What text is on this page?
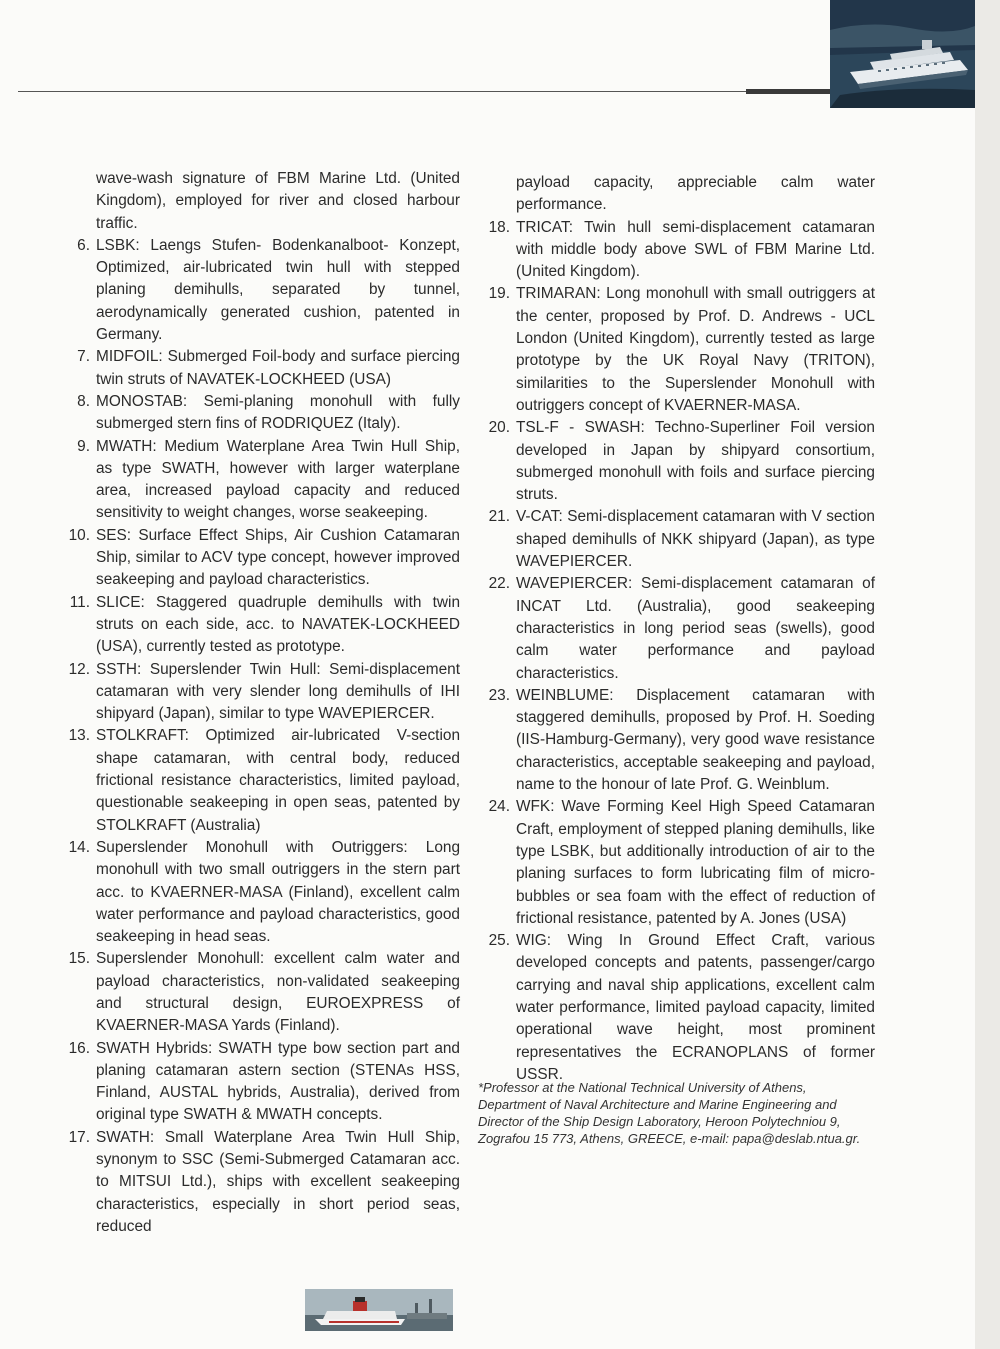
wave-wash signature of FBM Marine Ltd. (United Kingdom), employed for river and closed harbour traffic.

6. LSBK: Laengs Stufen- Bodenkanalboot- Konzept, Optimized, air-lubricated twin hull with stepped planing demihulls, separated by tunnel, aerodynamically generated cushion, patented in Germany.

7. MIDFOIL: Submerged Foil-body and surface piercing twin struts of NAVATEK-LOCKHEED (USA)

8. MONOSTAB: Semi-planing monohull with fully submerged stern fins of RODRIQUEZ (Italy).

9. MWATH: Medium Waterplane Area Twin Hull Ship, as type SWATH, however with larger waterplane area, increased payload capacity and reduced sensitivity to weight changes, worse seakeeping.

10. SES: Surface Effect Ships, Air Cushion Catamaran Ship, similar to ACV type concept, however improved seakeeping and payload characteristics.

11. SLICE: Staggered quadruple demihulls with twin struts on each side, acc. to NAVATEK-LOCKHEED (USA), currently tested as prototype.

12. SSTH: Superslender Twin Hull: Semi-displacement catamaran with very slender long demihulls of IHI shipyard (Japan), similar to type WAVEPIERCER.

13. STOLKRAFT: Optimized air-lubricated V-section shape catamaran, with central body, reduced frictional resistance characteristics, limited payload, questionable seakeeping in open seas, patented by STOLKRAFT (Australia)

14. Superslender Monohull with Outriggers: Long monohull with two small outriggers in the stern part acc. to KVAERNER-MASA (Finland), excellent calm water performance and payload characteristics, good seakeeping in head seas.

15. Superslender Monohull: excellent calm water and payload characteristics, non-validated seakeeping and structural design, EUROEXPRESS of KVAERNER-MASA Yards (Finland).

16. SWATH Hybrids: SWATH type bow section part and planing catamaran astern section (STENAs HSS, Finland, AUSTAL hybrids, Australia), derived from original type SWATH & MWATH concepts.

17. SWATH: Small Waterplane Area Twin Hull Ship, synonym to SSC (Semi-Submerged Catamaran acc. to MITSUI Ltd.), ships with excellent seakeeping characteristics, especially in short period seas, reduced

payload capacity, appreciable calm water performance.

18. TRICAT: Twin hull semi-displacement catamaran with middle body above SWL of FBM Marine Ltd. (United Kingdom).

19. TRIMARAN: Long monohull with small outriggers at the center, proposed by Prof. D. Andrews - UCL London (United Kingdom), currently tested as large prototype by the UK Royal Navy (TRITON), similarities to the Superslender Monohull with outriggers concept of KVAERNER-MASA.

20. TSL-F - SWASH: Techno-Superliner Foil version developed in Japan by shipyard consortium, submerged monohull with foils and surface piercing struts.

21. V-CAT: Semi-displacement catamaran with V section shaped demihulls of NKK shipyard (Japan), as type WAVEPIERCER.

22. WAVEPIERCER: Semi-displacement catamaran of INCAT Ltd. (Australia), good seakeeping characteristics in long period seas (swells), good calm water performance and payload characteristics.

23. WEINBLUME: Displacement catamaran with staggered demihulls, proposed by Prof. H. Soeding (IIS-Hamburg-Germany), very good wave resistance characteristics, acceptable seakeeping and payload, name to the honour of late Prof. G. Weinblum.

24. WFK: Wave Forming Keel High Speed Catamaran Craft, employment of stepped planing demihulls, like type LSBK, but additionally introduction of air to the planing surfaces to form lubricating film of micro-bubbles or sea foam with the effect of reduction of frictional resistance, patented by A. Jones (USA)

25. WIG: Wing In Ground Effect Craft, various developed concepts and patents, passenger/cargo carrying and naval ship applications, excellent calm water performance, limited payload capacity, limited operational wave height, most prominent representatives the ECRANOPLANS of former USSR.

*Professor at the National Technical University of Athens, Department of Naval Architecture and Marine Engineering and Director of the Ship Design Laboratory, Heroon Polytechniou 9, Zografou 15 773, Athens, GREECE, e-mail: papa@deslab.ntua.gr.
